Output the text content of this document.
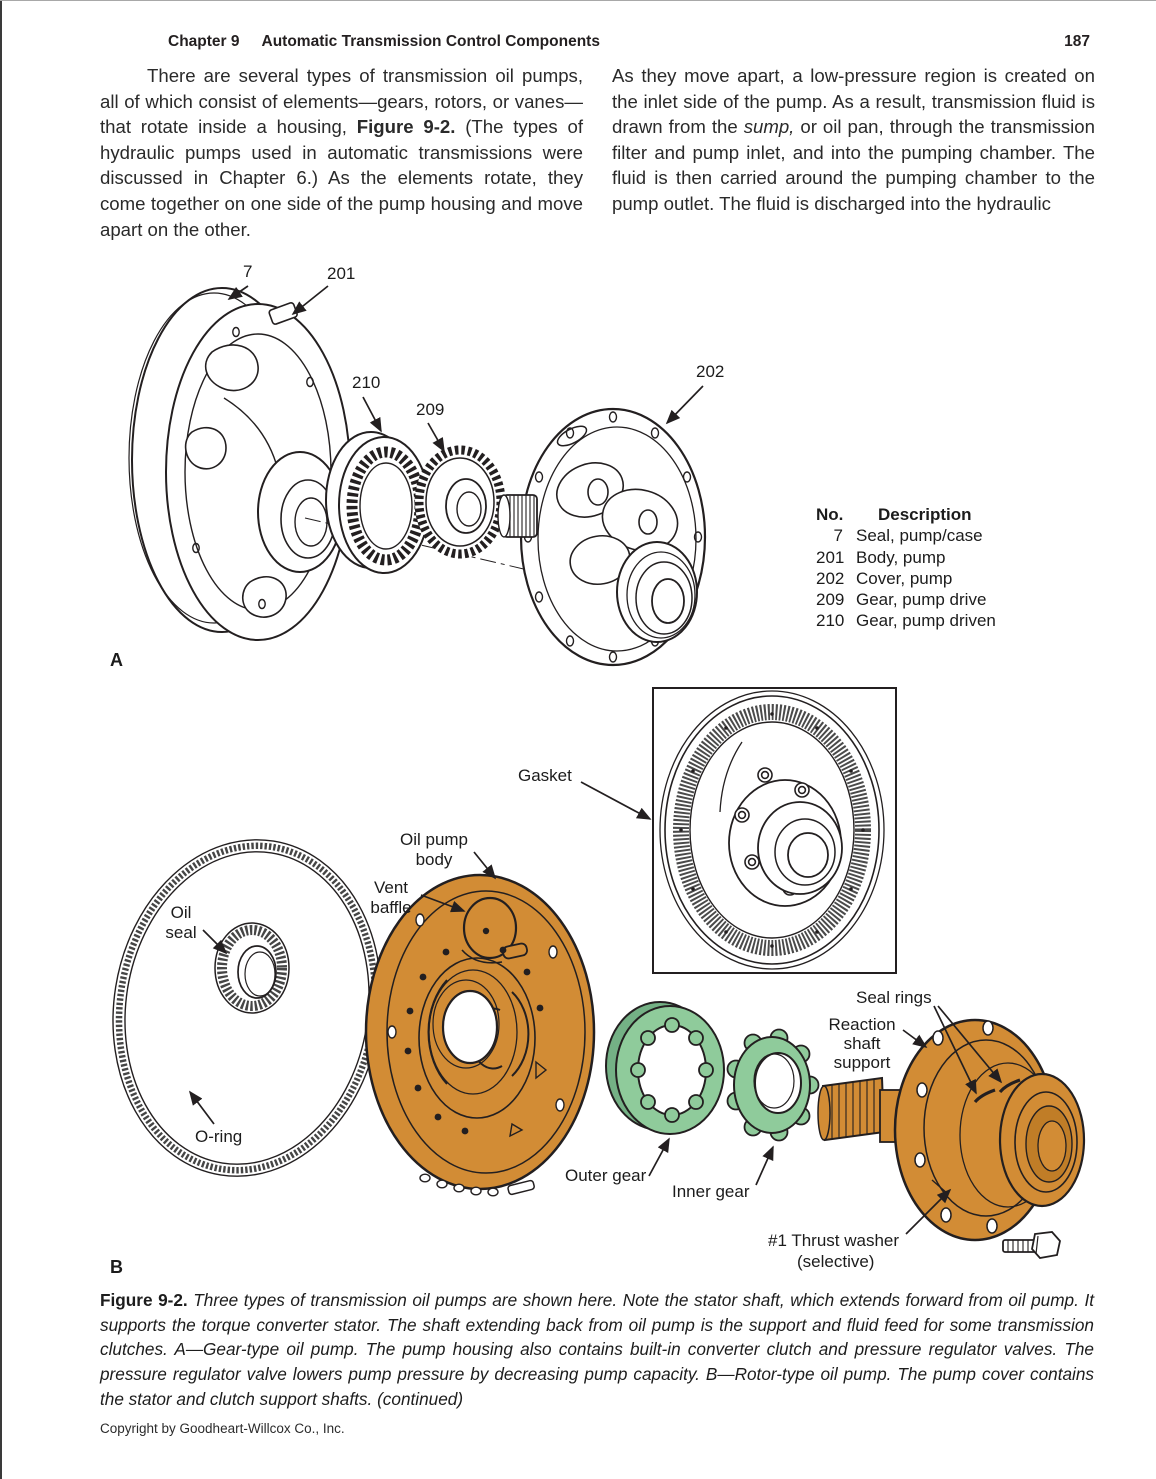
Chapter 9 Automatic Transmission Control Components	187
There are several types of transmission oil pumps, all of which consist of elements—gears, rotors, or vanes—that rotate inside a housing, Figure 9-2. (The types of hydraulic pumps used in automatic transmissions were discussed in Chapter 6.) As the elements rotate, they come together on one side of the pump housing and move apart on the other.
As they move apart, a low-pressure region is created on the inlet side of the pump. As a result, transmission fluid is drawn from the sump, or oil pan, through the transmission filter and pump inlet, and into the pumping chamber. The fluid is then carried around the pumping chamber to the pump outlet. The fluid is discharged into the hydraulic
7	201
210
209
202
A
No. Description
7 Seal, pump/case
201 Body, pump
202 Cover, pump
209 Gear, pump drive
210 Gear, pump driven
Gasket
Oil pump
body
Vent
baffle
Oil
seal
O-ring
Outer gear
Inner gear
Seal rings
Reaction
shaft
support
#1 Thrust washer
(selective)
B
Figure 9-2. Three types of transmission oil pumps are shown here. Note the stator shaft, which extends forward from oil pump. It supports the torque converter stator. The shaft extending back from oil pump is the support and fluid feed for some transmission clutches. A—Gear-type oil pump. The pump housing also contains built-in converter clutch and pressure regulator valves. The pressure regulator valve lowers pump pressure by decreasing pump capacity. B—Rotor-type oil pump. The pump cover contains the stator and clutch support shafts. (continued)
Copyright by Goodheart-Willcox Co., Inc.
